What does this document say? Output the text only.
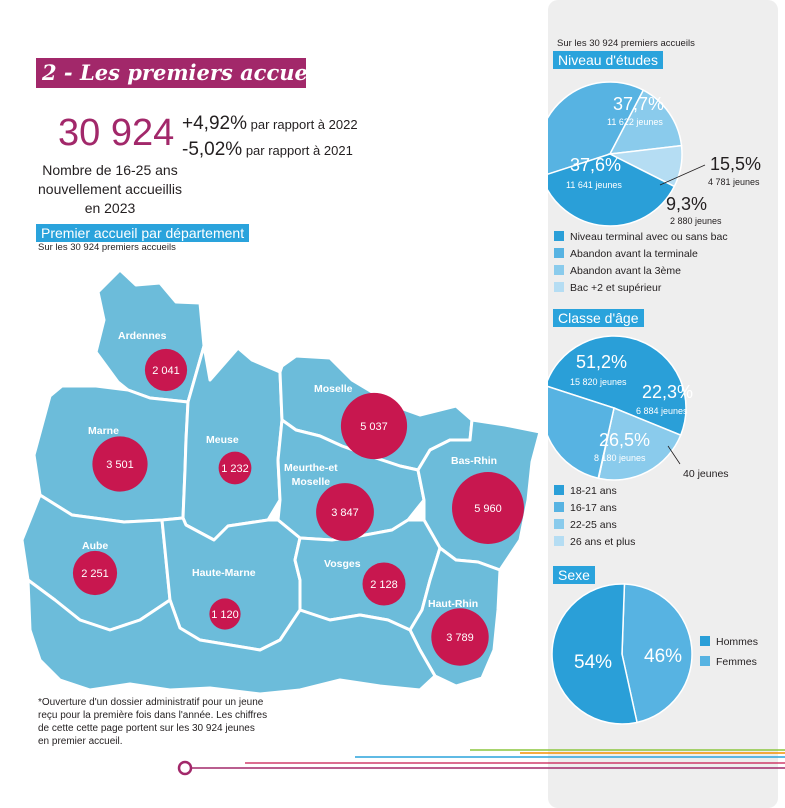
2 - Les premiers accueils*
30 924
Nombre de 16-25 ans nouvellement accueillis en 2023
+4,92% par rapport à 2022
-5,02% par rapport à 2021
Premier accueil par département
Sur les 30 924 premiers accueils
2 041
3 501	1 232
5 037
3 847	5 960
2 251
1 120
2 128
3 789
Ardennes
Marne
Meuse
Moselle
Meurthe-et
Moselle
Bas-Rhin
Aube
Haute-Marne
Vosges
Haut-Rhin
*Ouverture d'un dossier administratif pour un jeune reçu pour la première fois dans l'année. Les chiffres de cette cette page portent sur les 30 924 jeunes en premier accueil.
Sur les 30 924 premiers accueils
Niveau d'études
37,6%
11 641 jeunes
37,7%
11 622 jeunes
15,5%
4 781 jeunes
9,3%
2 880 jeunes
Niveau terminal avec ou sans bac
Abandon avant la terminale
Abandon avant la 3ème
Bac +2 et supérieur
Classe d'âge
51,2%
15 820 jeunes 22,3%
6 884 jeunes
26,5%
8 180 jeunes
40 jeunes
18-21 ans
16-17 ans
22-25 ans
26 ans et plus
Sexe
54% 46%
Hommes
Femmes
